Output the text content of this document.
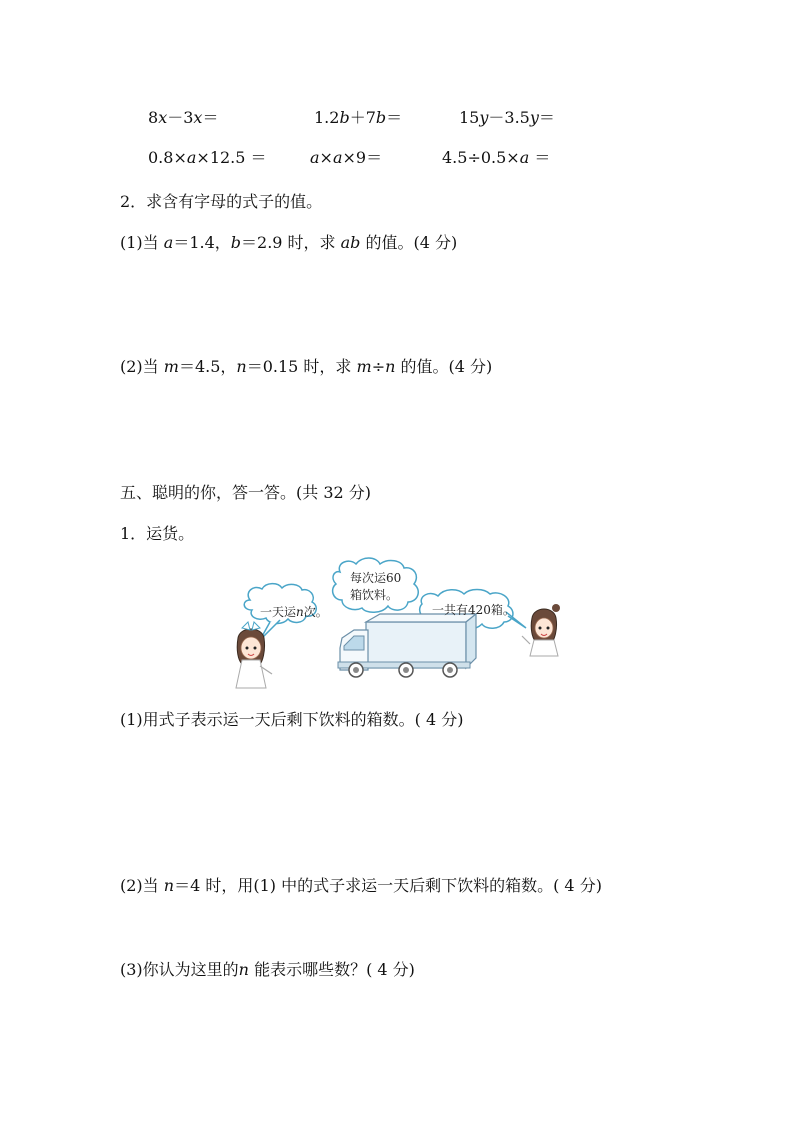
8x－3x＝	1.2b＋7b＝	15y－3.5y＝
0.8×a×12.5 ＝	a×a×9＝	4.5÷0.5×a ＝
2．求含有字母的式子的值。
(1)当 a＝1.4，b＝2.9 时，求 ab 的值。(4 分)
(2)当 m＝4.5，n＝0.15 时，求 m÷n 的值。(4 分)
五、聪明的你，答一答。(共 32 分)
1．运货。
一天运n次。
每次运60
箱饮料。
一共有420箱。
(1)用式子表示运一天后剩下饮料的箱数。( 4 分)
(2)当 n＝4 时，用(1) 中的式子求运一天后剩下饮料的箱数。( 4 分)
(3)你认为这里的n 能表示哪些数？( 4 分)
